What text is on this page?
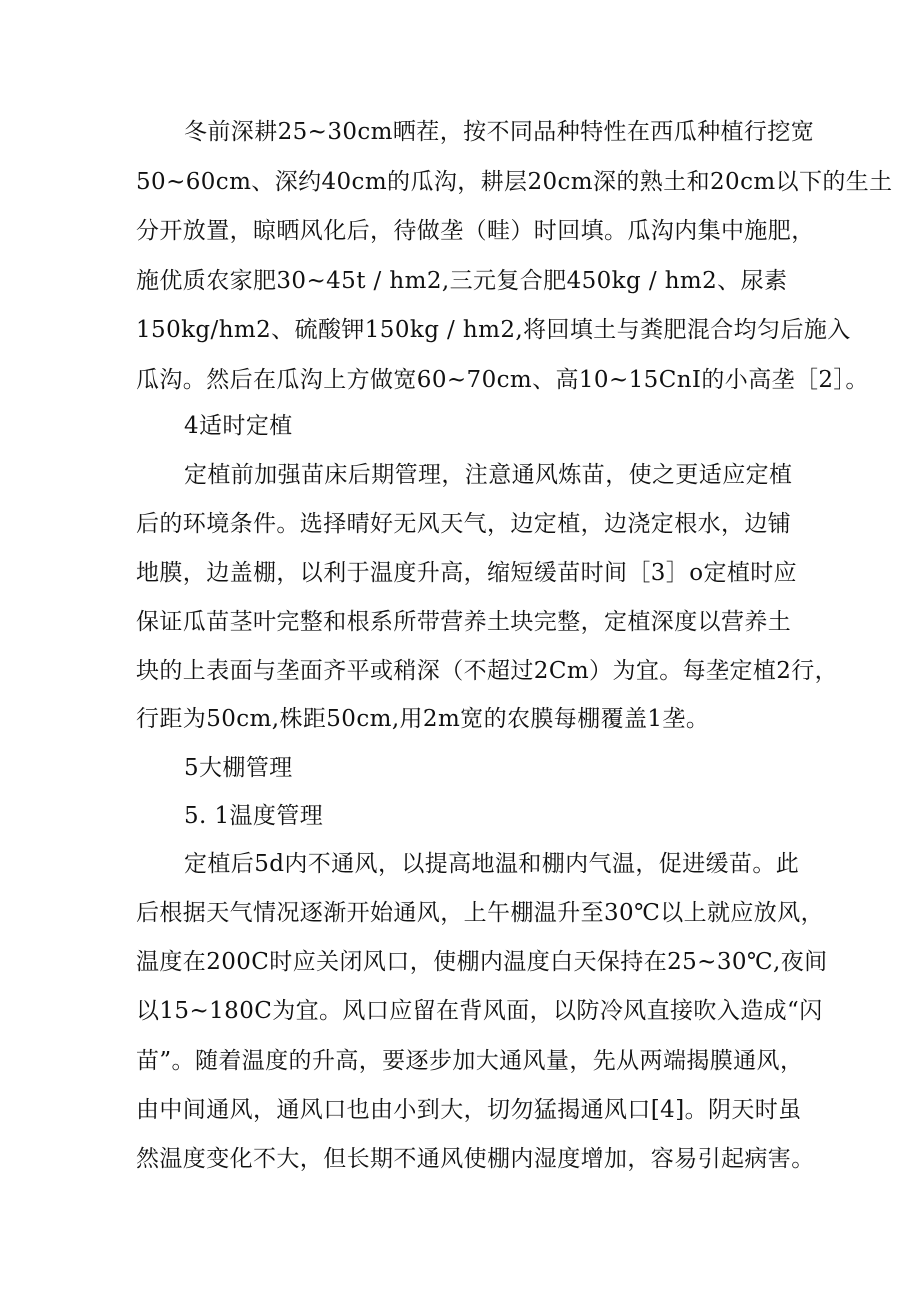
冬前深耕25~30cm晒茬，按不同品种特性在西瓜种植行挖宽
50~60cm、深约40cm的瓜沟，耕层20cm深的熟土和20cm以下的生土
分开放置，晾晒风化后，待做垄（畦）时回填。瓜沟内集中施肥，
施优质农家肥30~45t / hm2,三元复合肥450kg / hm2、尿素
150kg/hm2、硫酸钾150kg / hm2,将回填土与粪肥混合均匀后施入
瓜沟。然后在瓜沟上方做宽60~70cm、高10~15CnI的小高垄［2］。
4适时定植
定植前加强苗床后期管理，注意通风炼苗，使之更适应定植
后的环境条件。选择晴好无风天气，边定植，边浇定根水，边铺
地膜，边盖棚，以利于温度升高，缩短缓苗时间［3］o定植时应
保证瓜苗茎叶完整和根系所带营养土块完整，定植深度以营养土
块的上表面与垄面齐平或稍深（不超过2Cm）为宜。每垄定植2行，
行距为50cm,株距50cm,用2m宽的农膜每棚覆盖1垄。
5大棚管理
5. 1温度管理
定植后5d内不通风，以提高地温和棚内气温，促进缓苗。此
后根据天气情况逐渐开始通风，上午棚温升至30℃以上就应放风，
温度在200C时应关闭风口，使棚内温度白天保持在25~30℃,夜间
以15~180C为宜。风口应留在背风面，以防冷风直接吹入造成“闪
苗”。随着温度的升高，要逐步加大通风量，先从两端揭膜通风，
由中间通风，通风口也由小到大，切勿猛揭通风口[4]。阴天时虽
然温度变化不大，但长期不通风使棚内湿度增加，容易引起病害。
